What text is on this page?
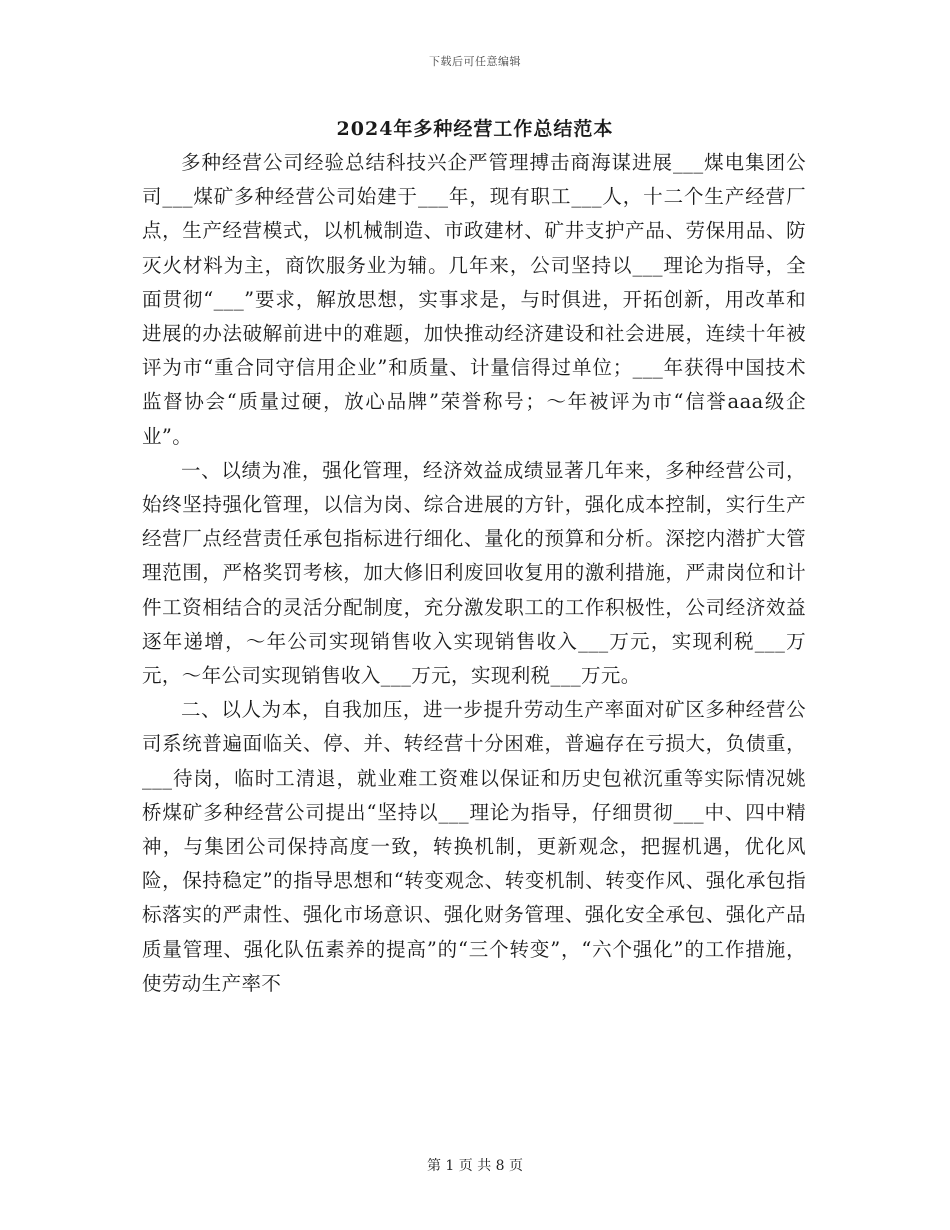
下载后可任意编辑
2024年多种经营工作总结范本

多种经营公司经验总结科技兴企严管理搏击商海谋进展___煤电集团公司___煤矿多种经营公司始建于___年，现有职工___人，十二个生产经营厂点，生产经营模式，以机械制造、市政建材、矿井支护产品、劳保用品、防灭火材料为主，商饮服务业为辅。几年来，公司坚持以___理论为指导，全面贯彻“___”要求，解放思想，实事求是，与时俱进，开拓创新，用改革和进展的办法破解前进中的难题，加快推动经济建设和社会进展，连续十年被评为市“重合同守信用企业”和质量、计量信得过单位；___年获得中国技术监督协会“质量过硬，放心品牌”荣誉称号；～年被评为市“信誉aaa级企业”。

一、以绩为准，强化管理，经济效益成绩显著几年来，多种经营公司，始终坚持强化管理，以信为岗、综合进展的方针，强化成本控制，实行生产经营厂点经营责任承包指标进行细化、量化的预算和分析。深挖内潜扩大管理范围，严格奖罚考核，加大修旧利废回收复用的激利措施，严肃岗位和计件工资相结合的灵活分配制度，充分激发职工的工作积极性，公司经济效益逐年递增，～年公司实现销售收入实现销售收入___万元，实现利税___万元，～年公司实现销售收入___万元，实现利税___万元。

二、以人为本，自我加压，进一步提升劳动生产率面对矿区多种经营公司系统普遍面临关、停、并、转经营十分困难，普遍存在亏损大，负债重，___待岗，临时工清退，就业难工资难以保证和历史包袱沉重等实际情况姚桥煤矿多种经营公司提出“坚持以___理论为指导，仔细贯彻___中、四中精神，与集团公司保持高度一致，转换机制，更新观念，把握机遇，优化风险，保持稳定”的指导思想和“转变观念、转变机制、转变作风、强化承包指标落实的严肃性、强化市场意识、强化财务管理、强化安全承包、强化产品质量管理、强化队伍素养的提高”的“三个转变”，“六个强化”的工作措施，使劳动生产率不

第 1 页 共 8 页
